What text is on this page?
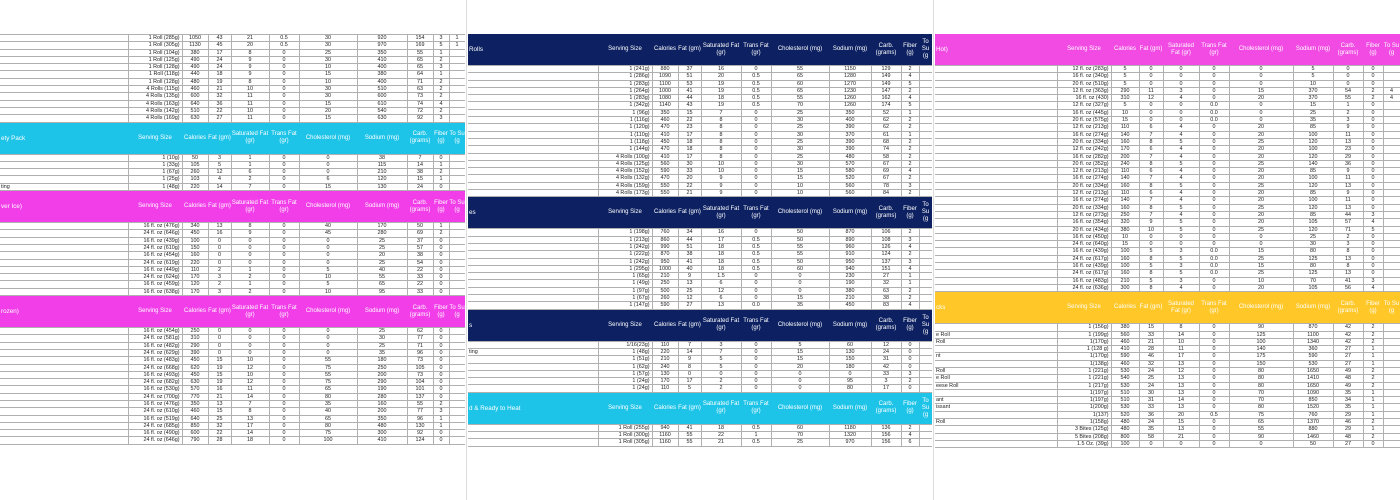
	1 Roll (285g)	1050	43	21	0.5	30	920	154	3	1
	1 Roll (305g)	1130	45	20	0.5	30	970	169	5	1
	1 Roll (104g)	380	17	8	0	25	350	55	1	
	1 Roll (125g)	490	24	9	0	30	410	65	2	
	1 Roll (128g)	490	24	9	0	10	400	65	3	
	1 Roll (118g)	440	18	9	0	15	380	64	1	
	1 Roll (128g)	480	19	8	0	10	400	71	2	
	4 Rolls (115g)	460	21	10	0	30	510	63	2	
	4 Rolls (135g)	600	32	11	0	30	600	73	2	
	4 Rolls (163g)	640	36	11	0	15	610	74	4	
	4 Rolls (142g)	510	22	10	0	20	540	72	2	
	4 Rolls (169g)	630	27	11	0	15	630	92	3	
ety Pack	Serving Size	Calories	Fat (gm)	Saturated Fat (gr)	Trans Fat (gr)	Cholesterol (mg)	Sodium (mg)	Carb. (grams)	Fiber (g)	To Su (g
	1 (10g)	50	3	1	0	0	38	7	0	
	1 (33g)	105	5	1	0	0	115	14	1	
	1 (67g)	260	12	6	0	0	210	38	2	
	1 (25g)	103	4	2	0	6	120	15	1	
ting	1 (48g)	220	14	7	0	15	130	24	0	
ver Ice)	Serving Size	Calories	Fat (gm)	Saturated Fat (gr)	Trans Fat (gr)	Cholesterol (mg)	Sodium (mg)	Carb. (grams)	Fiber (g)	To Su (g
	16 fl. oz (476g)	340	13	8	0	40	170	50	1	
	24 fl. oz (646g)	450	16	9	0	45	280	69	2	
	16 fl. oz (439g)	100	0	0	0	0	25	37	0	
	24 fl. oz (610g)	150	0	0	0	0	25	57	0	
	16 fl. oz (454g)	160	0	0	0	0	20	38	0	
	24 fl. oz (619g)	220	0	0	0	0	25	54	0	
	16 fl. oz (449g)	110	2	1	0	5	40	22	0	
	24 fl. oz (624g)	170	3	2	0	10	55	33	0	
	16 fl. oz (459g)	120	2	1	0	5	65	22	0	
	16 fl. oz (638g)	170	3	2	0	10	95	33	0	
rozen)	Serving Size	Calories	Fat (gm)	Saturated Fat (gr)	Trans Fat (gr)	Cholesterol (mg)	Sodium (mg)	Carb. (grams)	Fiber (g)	To Su (g
	16 fl. oz (454g)	250	0	0	0	0	25	62	0	
	24 fl. oz (581g)	310	0	0	0	0	30	77	0	
	16 fl. oz (482g)	290	0	0	0	0	25	71	0	
	24 fl. oz (629g)	390	0	0	0	0	35	96	0	
	16 fl. oz (483g)	450	15	10	0	55	180	73	0	
	24 fl. oz (668g)	620	19	12	0	75	250	105	0	
	16 fl. oz (493g)	450	15	10	0	55	200	73	0	
	24 fl. oz (682g)	630	19	12	0	75	290	104	0	
	16 fl. oz (530g)	570	16	11	0	65	190	101	0	
	24 fl. oz (700g)	770	21	14	0	80	280	137	0	
	16 fl. oz (476g)	350	13	7	0	35	160	55	2	
	24 fl. oz (610g)	460	15	8	0	40	200	77	3	
	16 fl. oz (519g)	640	25	13	0	65	350	96	1	
	24 fl. oz (685g)	850	32	17	0	80	480	130	1	
	16 fl. oz (490g)	600	22	14	0	75	300	92	0	
	24 fl. oz (646g)	790	28	18	0	100	410	124	0	
Rolls	Serving Size	Calories	Fat (gm)	Saturated Fat (gr)	Trans Fat (gr)	Cholesterol (mg)	Sodium (mg)	Carb. (grams)	Fiber (g)	To Su (g
	1 (241g)	880	37	16	0	55	1150	129	2	
	1 (286g)	1090	51	20	0.5	65	1280	149	4	
	1 (283g)	1100	53	19	0.5	60	1270	149	5	
	1 (264g)	1000	41	19	0.5	65	1230	147	2	
	1 (283g)	1080	44	18	0.5	55	1260	162	4	
	1 (342g)	1140	43	19	0.5	70	1260	174	5	
	1 (96g)	350	15	7	0	25	350	52	1	
	1 (116g)	460	22	8	0	30	400	62	2	
	1 (120g)	470	23	8	0	25	390	62	2	
	1 (110g)	410	17	8	0	30	370	61	1	
	1 (118g)	450	18	8	0	25	390	68	2	
	1 (144g)	470	18	8	0	30	390	74	2	
	4 Rolls (100g)	410	17	8	0	25	480	58	2	
	4 Rolls (125g)	560	30	10	0	30	570	67	2	
	4 Rolls (152g)	590	33	10	0	15	580	69	4	
	4 Rolls (132g)	470	20	9	0	15	520	67	2	
	4 Rolls (159g)	550	22	9	0	10	560	78	3	
	4 Rolls (173g)	550	21	9	0	10	560	84	2	
es	Serving Size	Calories	Fat (gm)	Saturated Fat (gr)	Trans Fat (gr)	Cholesterol (mg)	Sodium (mg)	Carb. (grams)	Fiber (g)	To Su (g
	1 (198g)	760	34	16	0	50	870	106	2	
	1 (213g)	860	44	17	0.5	50	890	108	3	
	1 (242g)	990	51	18	0.5	55	960	126	4	
	1 (222g)	870	38	18	0.5	55	910	124	2	
	1 (242g)	950	41	18	0.5	50	950	137	3	
	1 (295g)	1000	40	18	0.5	60	940	151	4	
	1 (65g)	210	9	1.5	0	0	230	27	1	
	1 (49g)	250	13	6	0	0	190	32	1	
	1 (97g)	500	25	12	0	0	380	63	2	
	1 (67g)	260	12	6	0	15	210	38	2	
	1 (147g)	590	27	13	0.0	35	450	83	4	
s	Serving Size	Calories	Fat (gm)	Saturated Fat (gr)	Trans Fat (gr)	Cholesterol (mg)	Sodium (mg)	Carb. (grams)	Fiber (g)	To Su (g
	1/16(23g)	110	7	3	0	5	60	12	0	
ting	1 (48g)	220	14	7	0	15	130	24	0	
	1 (51g)	210	9	5	0	15	150	31	0	
	1 (62g)	240	8	5	0	20	180	42	0	
	1 (57g)	130	0	0	0	0	0	33	3	
	1 (24g)	170	17	2	0	0	95	3	2	
	1 (24g)	110	5	2	0	0	80	17	0	
d & Ready to Heat	Serving Size	Calories	Fat (gm)	Saturated Fat (gr)	Trans Fat (gr)	Cholesterol (mg)	Sodium (mg)	Carb. (grams)	Fiber (g)	To Su (g
	1 Roll (255g)	940	41	18	0.5	60	1180	136	2	
	1 Roll (300g)	1160	55	22	1	70	1320	156	4	
	1 Roll (305g)	1160	55	21	0.5	25	970	156	6	
Hot)	Serving Size	Calories	Fat (gm)	Saturated Fat (gr)	Trans Fat (gr)	Cholesterol (mg)	Sodium (mg)	Carb. (grams)	Fiber (g)	To Su (g
	12 fl. oz (283g)	5	0	0	0	0	5	0	0	
	16 fl. oz (340g)	5	0	0	0	0	5	0	0	
	20 fl. oz (510g)	5	0	0	0	0	10	0	0	
	12 fl. oz (363g)	290	11	3	0	15	370	54	2	4
	16 fl. oz (430)	310	12	4	0	20	370	55	2	4
	12 fl. oz (327g)	5	0	0	0.0	0	15	1	0	
	16 fl. oz (445g)	10	0	0	0.0	0	25	2	0	
	20 fl. oz (575g)	15	0	0	0.0	0	35	3	0	
	12 fl. oz (213g)	110	6	4	0	20	85	9	0	
	16 fl. oz (274g)	140	7	4	0	20	100	11	0	
	20 fl. oz (334g)	160	8	5	0	25	120	13	0	
	12 fl. oz (242g)	170	6	4	0	20	100	23	0	
	16 fl. oz (282g)	200	7	4	0	20	120	29	0	
	20 fl. oz (352g)	240	8	5	0	25	140	36	0	
	12 fl. oz (213g)	110	6	4	0	20	85	9	0	
	16 fl. oz (274g)	140	7	4	0	20	100	11	0	
	20 fl. oz (334g)	160	8	5	0	25	120	13	0	
	12 fl. oz (213g)	110	6	4	0	20	85	9	0	
	16 fl. oz (274g)	140	7	4	0	20	100	11	0	
	20 fl. oz (334g)	160	8	5	0	25	120	13	0	
	12 fl. oz (273g)	250	7	4	0	20	85	44	3	
	16 fl. oz (354g)	320	9	5	0	20	105	57	4	
	20 fl. oz (434g)	380	10	5	0	25	120	71	5	
	16 fl. oz (450g)	10	0	0	0	0	25	2	0	
	24 fl. oz (640g)	15	0	0	0	0	30	3	0	
	16 fl. oz (439g)	100	5	3	0.0	15	80	8	0	
	24 fl. oz (617g)	160	8	5	0.0	25	125	13	0	
	16 fl. oz (439g)	100	5	3	0.0	15	80	8	0	
	24 fl. oz (617g)	160	8	5	0.0	25	125	13	0	
	16 fl. oz (483g)	210	5	3	0	10	70	41	3	
	24 fl. oz (636g)	300	8	4	0	20	105	56	4	
cks	Serving Size	Calories	Fat (gm)	Saturated Fat (gr)	Trans Fat (gr)	Cholesterol (mg)	Sodium (mg)	Carb. (grams)	Fiber (g)	To Su (g
	1 (156g)	380	15	8	0	90	870	42	2	
e Roll	1 (199g)	560	33	14	0	125	1100	42	2	
Roll	1(170g)	460	21	10	0	100	1340	42	2	
	1 (128 g)	410	28	11	0	140	360	27	1	
nt	1(170g)	590	46	17	0	175	590	27	1	
	1(138g)	460	32	13	0	150	530	27	1	
Roll	1 (221g)	530	24	12	0	80	1650	49	2	
e Roll	1 (221g)	540	25	13	0	80	1410	48	2	
eese Roll	1 (217g)	530	24	13	0	80	1650	49	2	
	1(197g)	510	30	13	0	70	1090	35	1	
ant	1(197g)	510	31	14	0	70	850	34	1	
issant	1(200g)	530	33	13	0	80	1520	35	1	
	1(137)	520	36	20	0.5	75	760	29	1	
Roll	1(158g)	480	24	15	0	65	1370	46	2	
	3 Bites (125g)	480	35	13	0	55	880	29	1	
	5 Bites (208g)	800	58	21	0	90	1460	48	2	
	1.5 Oz. (39g)	100	0	0	0	0	50	27	0	
